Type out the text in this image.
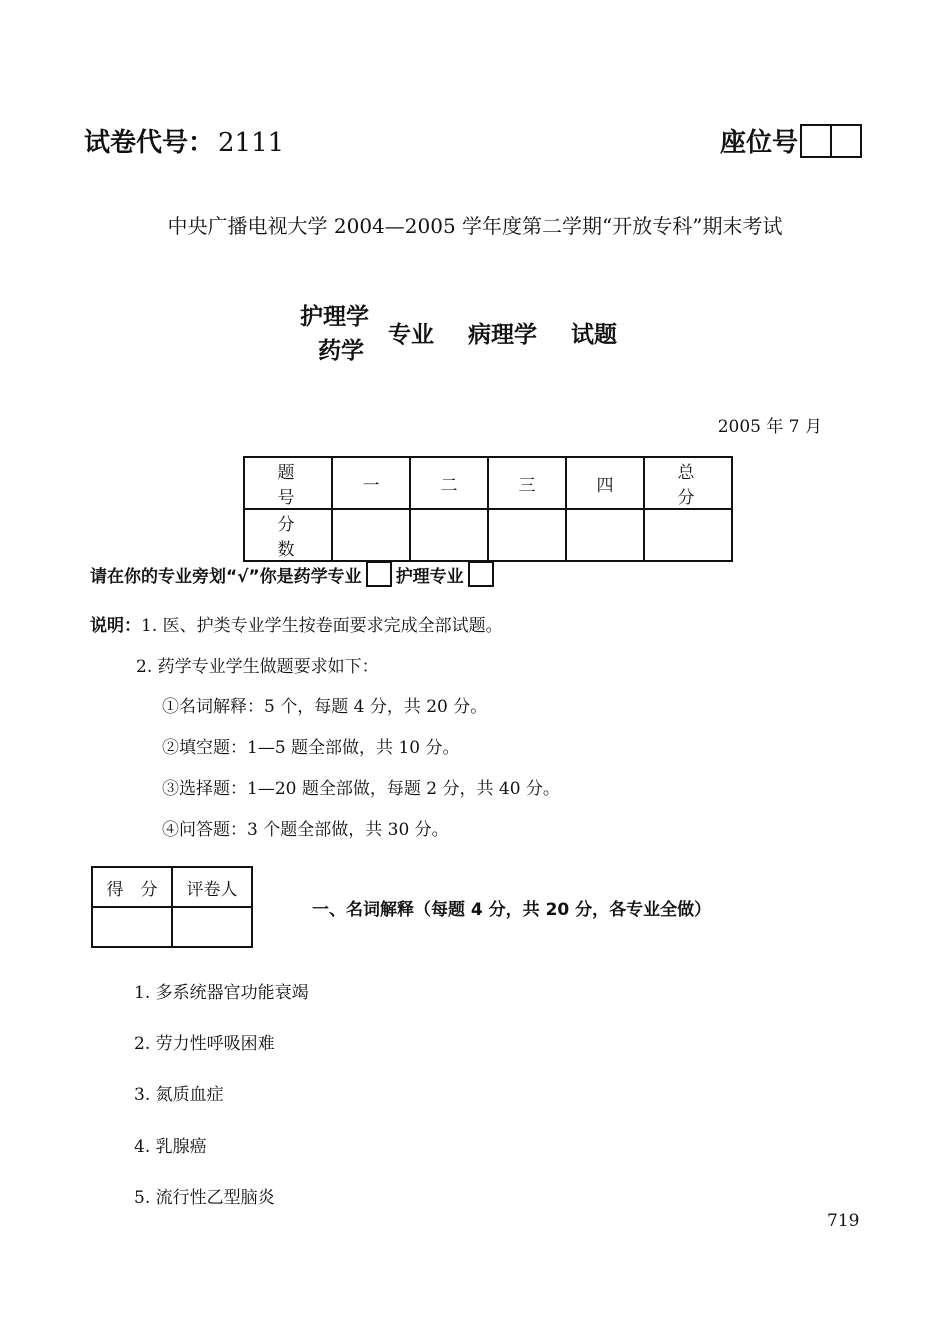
试卷代号： 2111	座位号
中央广播电视大学 2004—2005 学年度第二学期“开放专科”期末考试
护理学
药学
专业 病理学 试题
2005 年 7 月
题　号	一	二	三	四	总　分
分　数					
请在你的专业旁划“√”你是药学专业 护理专业
说明：1. 医、护类专业学生按卷面要求完成全部试题。
2. 药学专业学生做题要求如下：
①名词解释：5 个，每题 4 分，共 20 分。
②填空题：1—5 题全部做，共 10 分。
③选择题：1—20 题全部做，每题 2 分，共 40 分。
④问答题：3 个题全部做，共 30 分。
得　分	评卷人

一、名词解释（每题 4 分，共 20 分，各专业全做）
1. 多系统器官功能衰竭
2. 劳力性呼吸困难
3. 氮质血症
4. 乳腺癌
5. 流行性乙型脑炎
719
